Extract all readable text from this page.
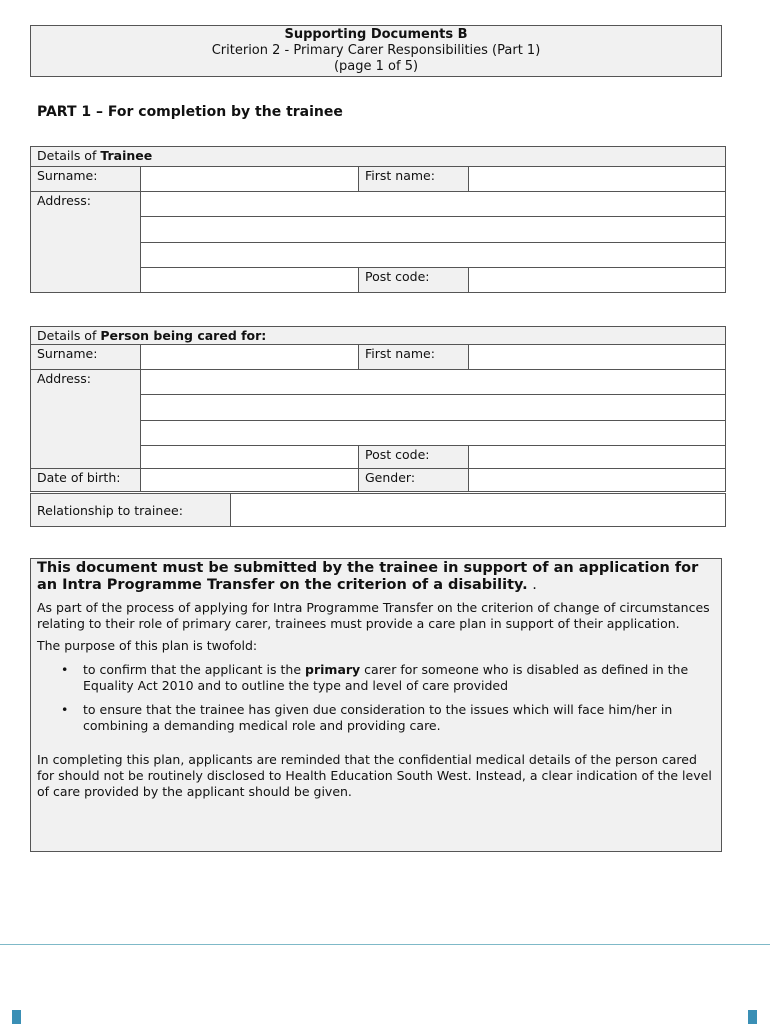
Supporting Documents B
Criterion 2 - Primary Carer Responsibilities (Part 1)
(page 1 of 5)
PART 1 – For completion by the trainee
Details of Trainee			
Surname:		First name:	
Address:			

		Post code:	
Details of Person being cared for:			
Surname:		First name:	
Address:			

		Post code:	
Date of birth:		Gender:	
Relationship to trainee:	
This document must be submitted by the trainee in support of an application for an Intra Programme Transfer on the criterion of a disability. .

As part of the process of applying for Intra Programme Transfer on the criterion of change of circumstances relating to their role of primary carer, trainees must provide a care plan in support of their application.

The purpose of this plan is twofold:

• to confirm that the applicant is the primary carer for someone who is disabled as defined in the Equality Act 2010 and to outline the type and level of care provided
• to ensure that the trainee has given due consideration to the issues which will face him/her in combining a demanding medical role and providing care.

In completing this plan, applicants are reminded that the confidential medical details of the person cared for should not be routinely disclosed to Health Education South West. Instead, a clear indication of the level of care provided by the applicant should be given.
